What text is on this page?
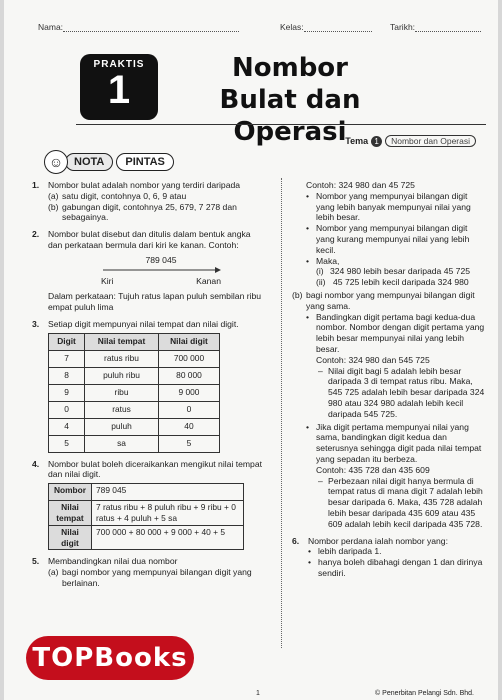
Nama:	Kelas:	Tarikh:
PRAKTIS
1	Nombor Bulat dan Operasi
Tema 1	Nombor dan Operasi
☺ NOTA	PINTAS
1. Nombor bulat adalah nombor yang terdiri daripada
(a) satu digit, contohnya 0, 6, 9 atau
(b) gabungan digit, contohnya 25, 679, 7 278 dan sebagainya.
2. Nombor bulat disebut dan ditulis dalam bentuk angka dan perkataan bermula dari kiri ke kanan. Contoh:
789 045
Kiri	Kanan
Dalam perkataan: Tujuh ratus lapan puluh sembilan ribu empat puluh lima
3. Setiap digit mempunyai nilai tempat dan nilai digit.
Digit	Nilai tempat	Nilai digit
7	ratus ribu	700 000
8	puluh ribu	80 000
9	ribu	9 000
0	ratus	0
4	puluh	40
5	sa	5
4. Nombor bulat boleh diceraikankan mengikut nilai tempat dan nilai digit.
Nombor	789 045
Nilai tempat	7 ratus ribu + 8 puluh ribu + 9 ribu + 0 ratus + 4 puluh + 5 sa
Nilai digit	700 000 + 80 000 + 9 000 + 40 + 5
5. Membandingkan nilai dua nombor
(a) bagi nombor yang mempunyai bilangan digit yang berlainan.
Contoh: 324 980 dan 45 725
• Nombor yang mempunyai bilangan digit yang lebih banyak mempunyai nilai yang lebih besar.
• Nombor yang mempunyai bilangan digit yang kurang mempunyai nilai yang lebih kecil.
• Maka,
(i) 324 980 lebih besar daripada 45 725
(ii) 45 725 lebih kecil daripada 324 980
(b) bagi nombor yang mempunyai bilangan digit yang sama.
• Bandingkan digit pertama bagi kedua-dua nombor. Nombor dengan digit pertama yang lebih besar mempunyai nilai yang lebih besar.
Contoh: 324 980 dan 545 725
– Nilai digit bagi 5 adalah lebih besar daripada 3 di tempat ratus ribu. Maka, 545 725 adalah lebih besar daripada 324 980 atau 324 980 adalah lebih kecil daripada 545 725.
• Jika digit pertama mempunyai nilai yang sama, bandingkan digit kedua dan seterusnya sehingga digit pada nilai tempat yang sepadan itu berbeza.
Contoh: 435 728 dan 435 609
– Perbezaan nilai digit hanya bermula di tempat ratus di mana digit 7 adalah lebih besar daripada 6. Maka, 435 728 adalah lebih besar daripada 435 609 atau 435 609 adalah lebih kecil daripada 435 728.
6. Nombor perdana ialah nombor yang:
• lebih daripada 1.
• hanya boleh dibahagi dengan 1 dan dirinya sendiri.
1	© Penerbitan Pelangi Sdn. Bhd.
TOPBooks
